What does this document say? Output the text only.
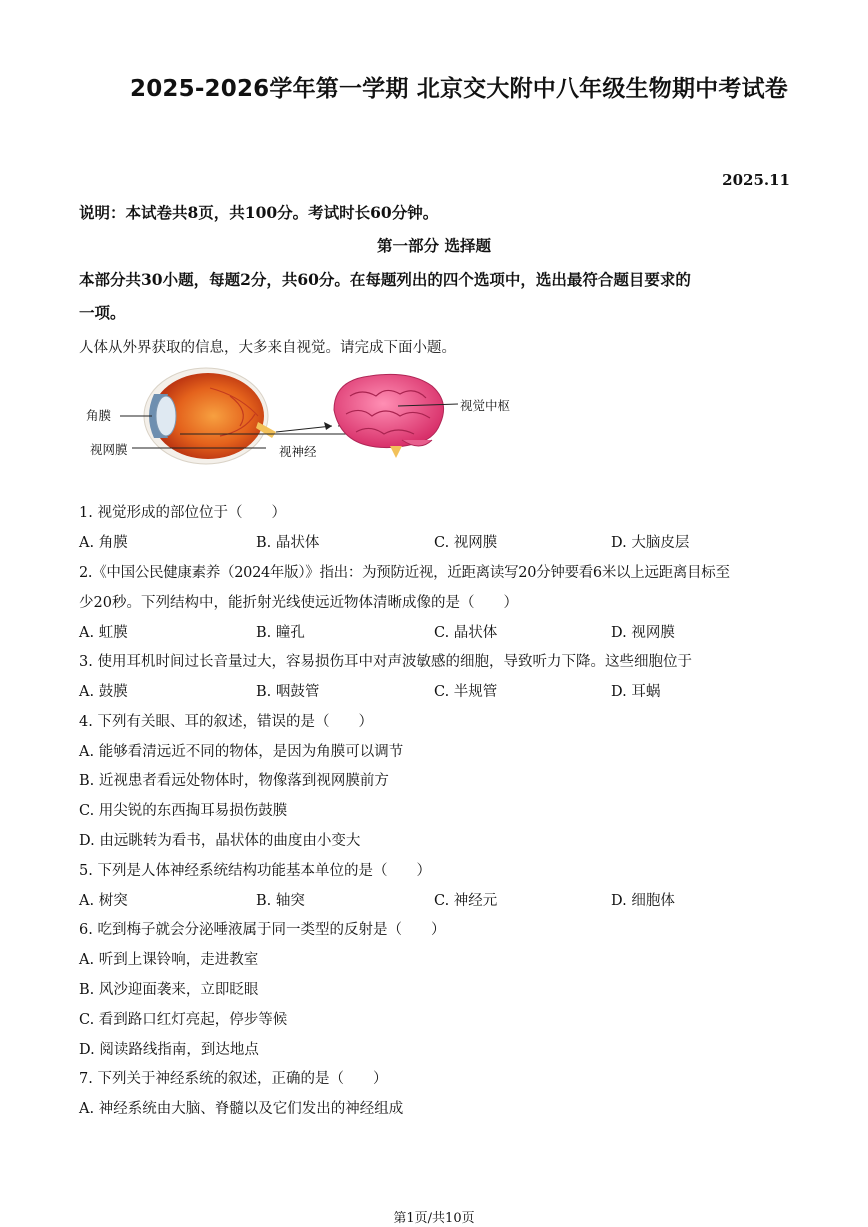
2025-2026学年第一学期 北京交大附中八年级生物期中考试卷
2025.11
说明：本试卷共8页，共100分。考试时长60分钟。
第一部分 选择题
本部分共30小题，每题2分，共60分。在每题列出的四个选项中，选出最符合题目要求的
一项。
人体从外界获取的信息，大多来自视觉。请完成下面小题。
角膜
视网膜	视神经
视觉中枢
1. 视觉形成的部位位于（　　）
A. 角膜	B. 晶状体	C. 视网膜	D. 大脑皮层
2.《中国公民健康素养（2024年版）》指出：为预防近视，近距离读写20分钟要看6米以上远距离目标至
少20秒。下列结构中，能折射光线使远近物体清晰成像的是（　　）
A. 虹膜	B. 瞳孔	C. 晶状体	D. 视网膜
3. 使用耳机时间过长音量过大，容易损伤耳中对声波敏感的细胞，导致听力下降。这些细胞位于
A. 鼓膜	B. 咽鼓管	C. 半规管	D. 耳蜗
4. 下列有关眼、耳的叙述，错误的是（　　）
A. 能够看清远近不同的物体，是因为角膜可以调节
B. 近视患者看远处物体时，物像落到视网膜前方
C. 用尖锐的东西掏耳易损伤鼓膜
D. 由远眺转为看书，晶状体的曲度由小变大
5. 下列是人体神经系统结构功能基本单位的是（　　）
A. 树突	B. 轴突	C. 神经元	D. 细胞体
6. 吃到梅子就会分泌唾液属于同一类型的反射是（　　）
A. 听到上课铃响，走进教室
B. 风沙迎面袭来，立即眨眼
C. 看到路口红灯亮起，停步等候
D. 阅读路线指南，到达地点
7. 下列关于神经系统的叙述，正确的是（　　）
A. 神经系统由大脑、脊髓以及它们发出的神经组成
第1页/共10页
